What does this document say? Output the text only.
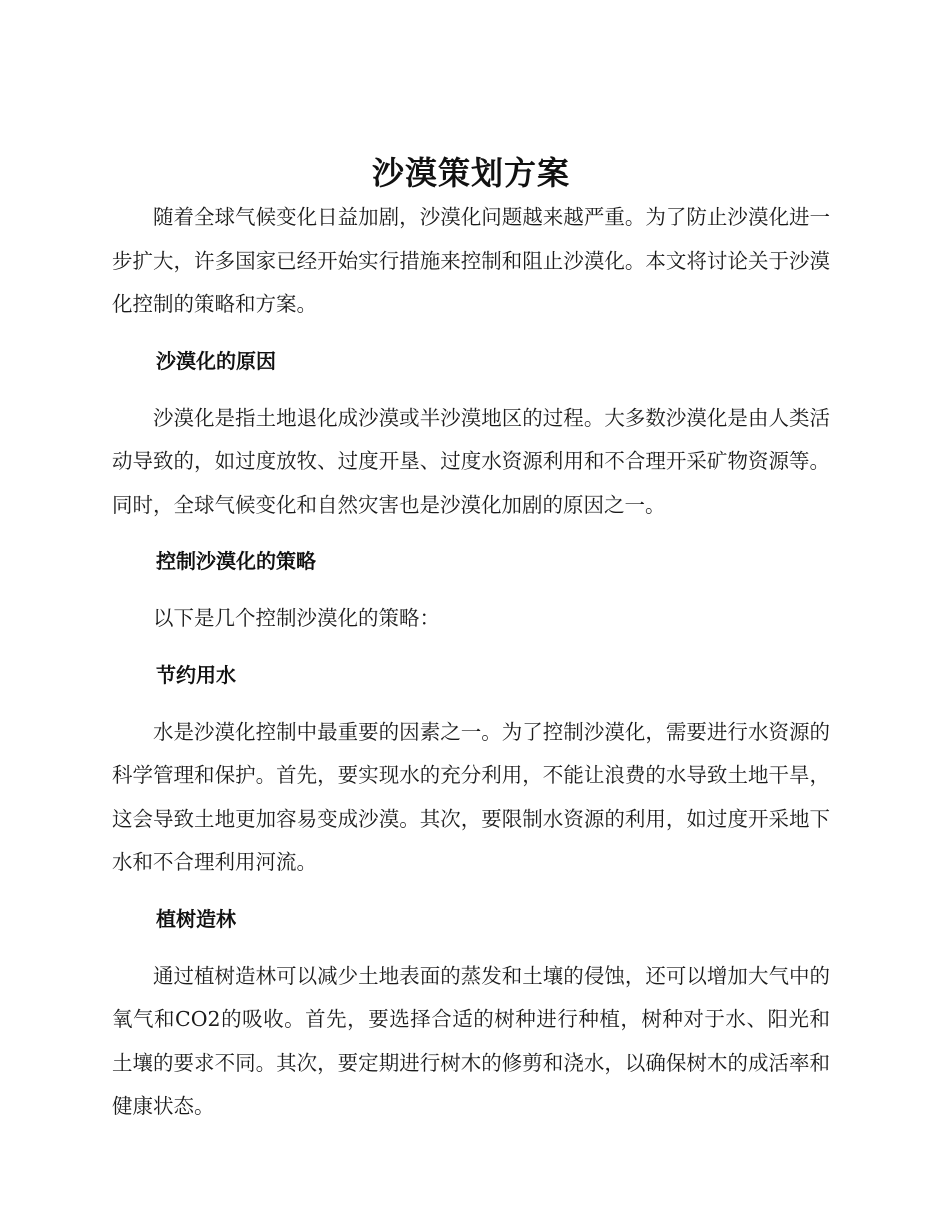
沙漠策划方案

随着全球气候变化日益加剧，沙漠化问题越来越严重。为了防止沙漠化进一步扩大，许多国家已经开始实行措施来控制和阻止沙漠化。本文将讨论关于沙漠化控制的策略和方案。

沙漠化的原因

沙漠化是指土地退化成沙漠或半沙漠地区的过程。大多数沙漠化是由人类活动导致的，如过度放牧、过度开垦、过度水资源利用和不合理开采矿物资源等。同时，全球气候变化和自然灾害也是沙漠化加剧的原因之一。

控制沙漠化的策略

以下是几个控制沙漠化的策略：

节约用水

水是沙漠化控制中最重要的因素之一。为了控制沙漠化，需要进行水资源的科学管理和保护。首先，要实现水的充分利用，不能让浪费的水导致土地干旱，这会导致土地更加容易变成沙漠。其次，要限制水资源的利用，如过度开采地下水和不合理利用河流。

植树造林

通过植树造林可以减少土地表面的蒸发和土壤的侵蚀，还可以增加大气中的氧气和CO2的吸收。首先，要选择合适的树种进行种植，树种对于水、阳光和土壤的要求不同。其次，要定期进行树木的修剪和浇水，以确保树木的成活率和健康状态。
